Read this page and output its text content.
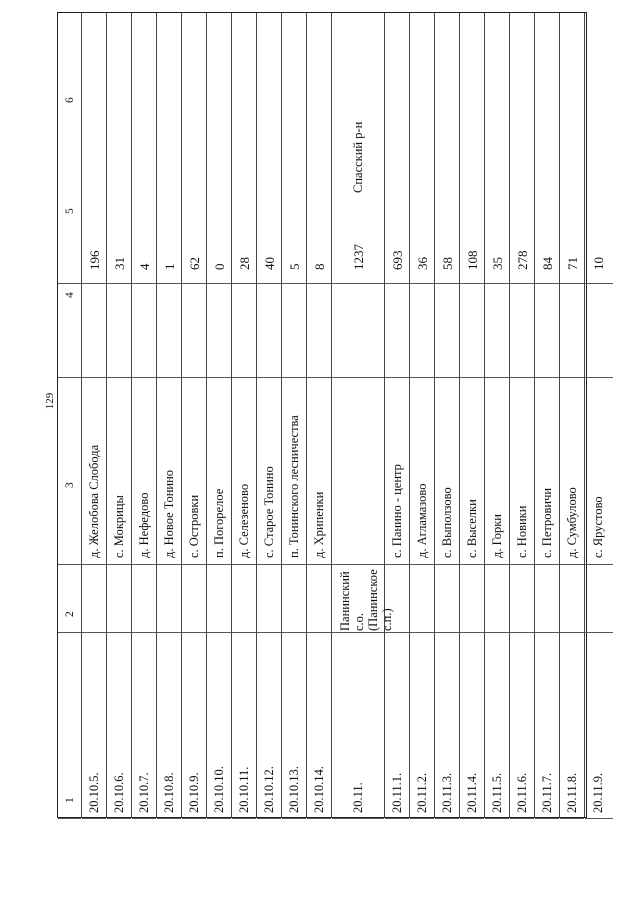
129
1
2
3
4
5
6
20.10.5.
д. Желобова Слобода
196
20.10.6.
с. Мокрицы
31
20.10.7.
д. Нефедово
4
20.10.8.
д. Новое Тонино
1
20.10.9.
с. Островки
62
20.10.10.
п. Погорелое
0
20.10.11.
д. Селезеново
28
20.10.12.
с. Старое Тонино
40
20.10.13.
п. Тонинского лесничества
5
20.10.14.
д. Хрипенки
8
20.11.
Панинский с.о. (Панинское с.п.)
1237
Спасский р-н
20.11.1.
с. Панино - центр
693
20.11.2.
д. Агламазово
36
20.11.3.
с. Выползово
58
20.11.4.
с. Выселки
108
20.11.5.
д. Горки
35
20.11.6.
с. Новики
278
20.11.7.
с. Петровичи
84
20.11.8.
д. Сумбулово
71
20.11.9.
с. Ярустово
10
